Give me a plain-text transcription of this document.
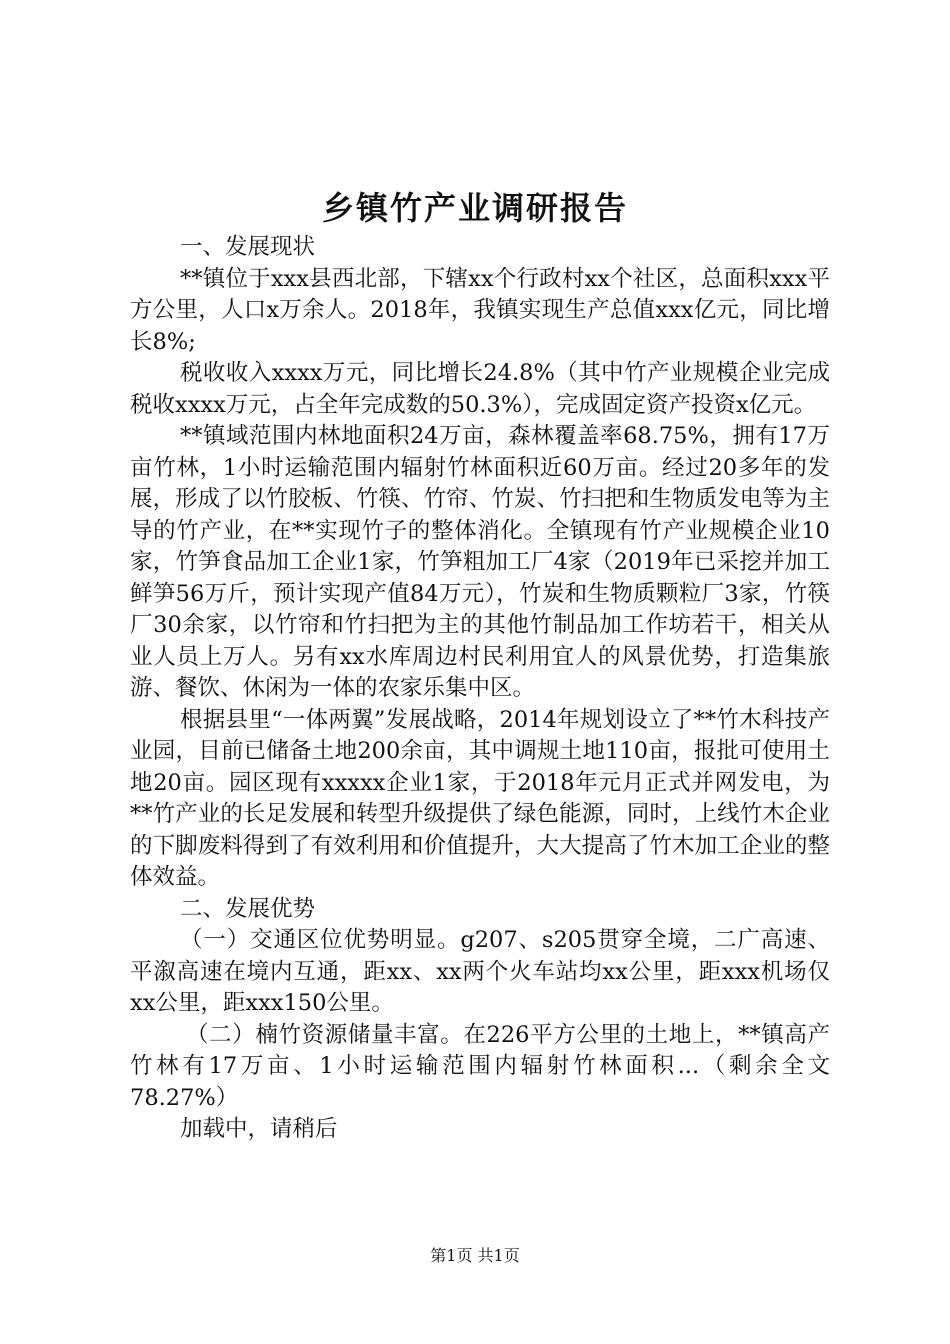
乡镇竹产业调研报告

一、发展现状

**镇位于xxx县西北部，下辖xx个行政村xx个社区，总面积xxx平方公里，人口x万余人。2018年，我镇实现生产总值xxx亿元，同比增长8%;

税收收入xxxx万元，同比增长24.8%（其中竹产业规模企业完成税收xxxx万元，占全年完成数的50.3%），完成固定资产投资x亿元。

**镇域范围内林地面积24万亩，森林覆盖率68.75%，拥有17万亩竹林，1小时运输范围内辐射竹林面积近60万亩。经过20多年的发展，形成了以竹胶板、竹筷、竹帘、竹炭、竹扫把和生物质发电等为主导的竹产业，在**实现竹子的整体消化。全镇现有竹产业规模企业10家，竹笋食品加工企业1家，竹笋粗加工厂4家（2019年已采挖并加工鲜笋56万斤，预计实现产值84万元），竹炭和生物质颗粒厂3家，竹筷厂30余家，以竹帘和竹扫把为主的其他竹制品加工作坊若干，相关从业人员上万人。另有xx水库周边村民利用宜人的风景优势，打造集旅游、餐饮、休闲为一体的农家乐集中区。

根据县里“一体两翼”发展战略，2014年规划设立了**竹木科技产业园，目前已储备土地200余亩，其中调规土地110亩，报批可使用土地20亩。园区现有xxxxx企业1家，于2018年元月正式并网发电，为**竹产业的长足发展和转型升级提供了绿色能源，同时，上线竹木企业的下脚废料得到了有效利用和价值提升，大大提高了竹木加工企业的整体效益。

二、发展优势

（一）交通区位优势明显。g207、s205贯穿全境，二广高速、平溆高速在境内互通，距xx、xx两个火车站均xx公里，距xxx机场仅xx公里，距xxx150公里。

（二）楠竹资源储量丰富。在226平方公里的土地上，**镇高产竹林有17万亩、1小时运输范围内辐射竹林面积...（剩余全文78.27%）

加载中，请稍后

第1页 共1页
